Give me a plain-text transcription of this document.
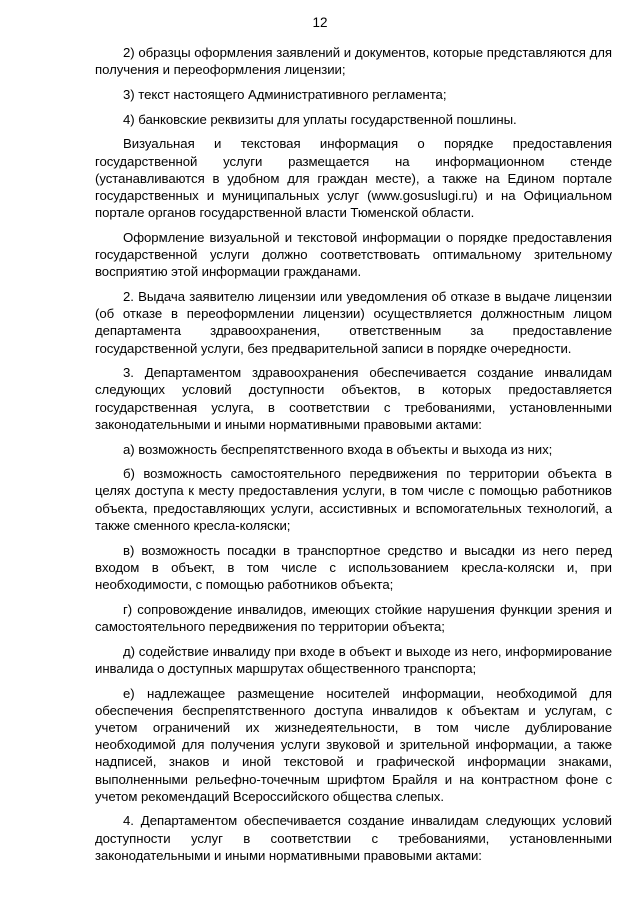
12

2) образцы оформления заявлений и документов, которые представляются для получения и переоформления лицензии;

3) текст настоящего Административного регламента;

4) банковские реквизиты для уплаты государственной пошлины.

Визуальная и текстовая информация о порядке предоставления государственной услуги размещается на информационном стенде (устанавливаются в удобном для граждан месте), а также на Едином портале государственных и муниципальных услуг (www.gosuslugi.ru) и на Официальном портале органов государственной власти Тюменской области.

Оформление визуальной и текстовой информации о порядке предоставления государственной услуги должно соответствовать оптимальному зрительному восприятию этой информации гражданами.

2. Выдача заявителю лицензии или уведомления об отказе в выдаче лицензии (об отказе в переоформлении лицензии) осуществляется должностным лицом департамента здравоохранения, ответственным за предоставление государственной услуги, без предварительной записи в порядке очередности.

3. Департаментом здравоохранения обеспечивается создание инвалидам следующих условий доступности объектов, в которых предоставляется государственная услуга, в соответствии с требованиями, установленными законодательными и иными нормативными правовыми актами:

а) возможность беспрепятственного входа в объекты и выхода из них;

б) возможность самостоятельного передвижения по территории объекта в целях доступа к месту предоставления услуги, в том числе с помощью работников объекта, предоставляющих услуги, ассистивных и вспомогательных технологий, а также сменного кресла-коляски;

в) возможность посадки в транспортное средство и высадки из него перед входом в объект, в том числе с использованием кресла-коляски и, при необходимости, с помощью работников объекта;

г) сопровождение инвалидов, имеющих стойкие нарушения функции зрения и самостоятельного передвижения по территории объекта;

д) содействие инвалиду при входе в объект и выходе из него, информирование инвалида о доступных маршрутах общественного транспорта;

е) надлежащее размещение носителей информации, необходимой для обеспечения беспрепятственного доступа инвалидов к объектам и услугам, с учетом ограничений их жизнедеятельности, в том числе дублирование необходимой для получения услуги звуковой и зрительной информации, а также надписей, знаков и иной текстовой и графической информации знаками, выполненными рельефно-точечным шрифтом Брайля и на контрастном фоне с учетом рекомендаций Всероссийского общества слепых.

4. Департаментом обеспечивается создание инвалидам следующих условий доступности услуг в соответствии с требованиями, установленными законодательными и иными нормативными правовыми актами:
